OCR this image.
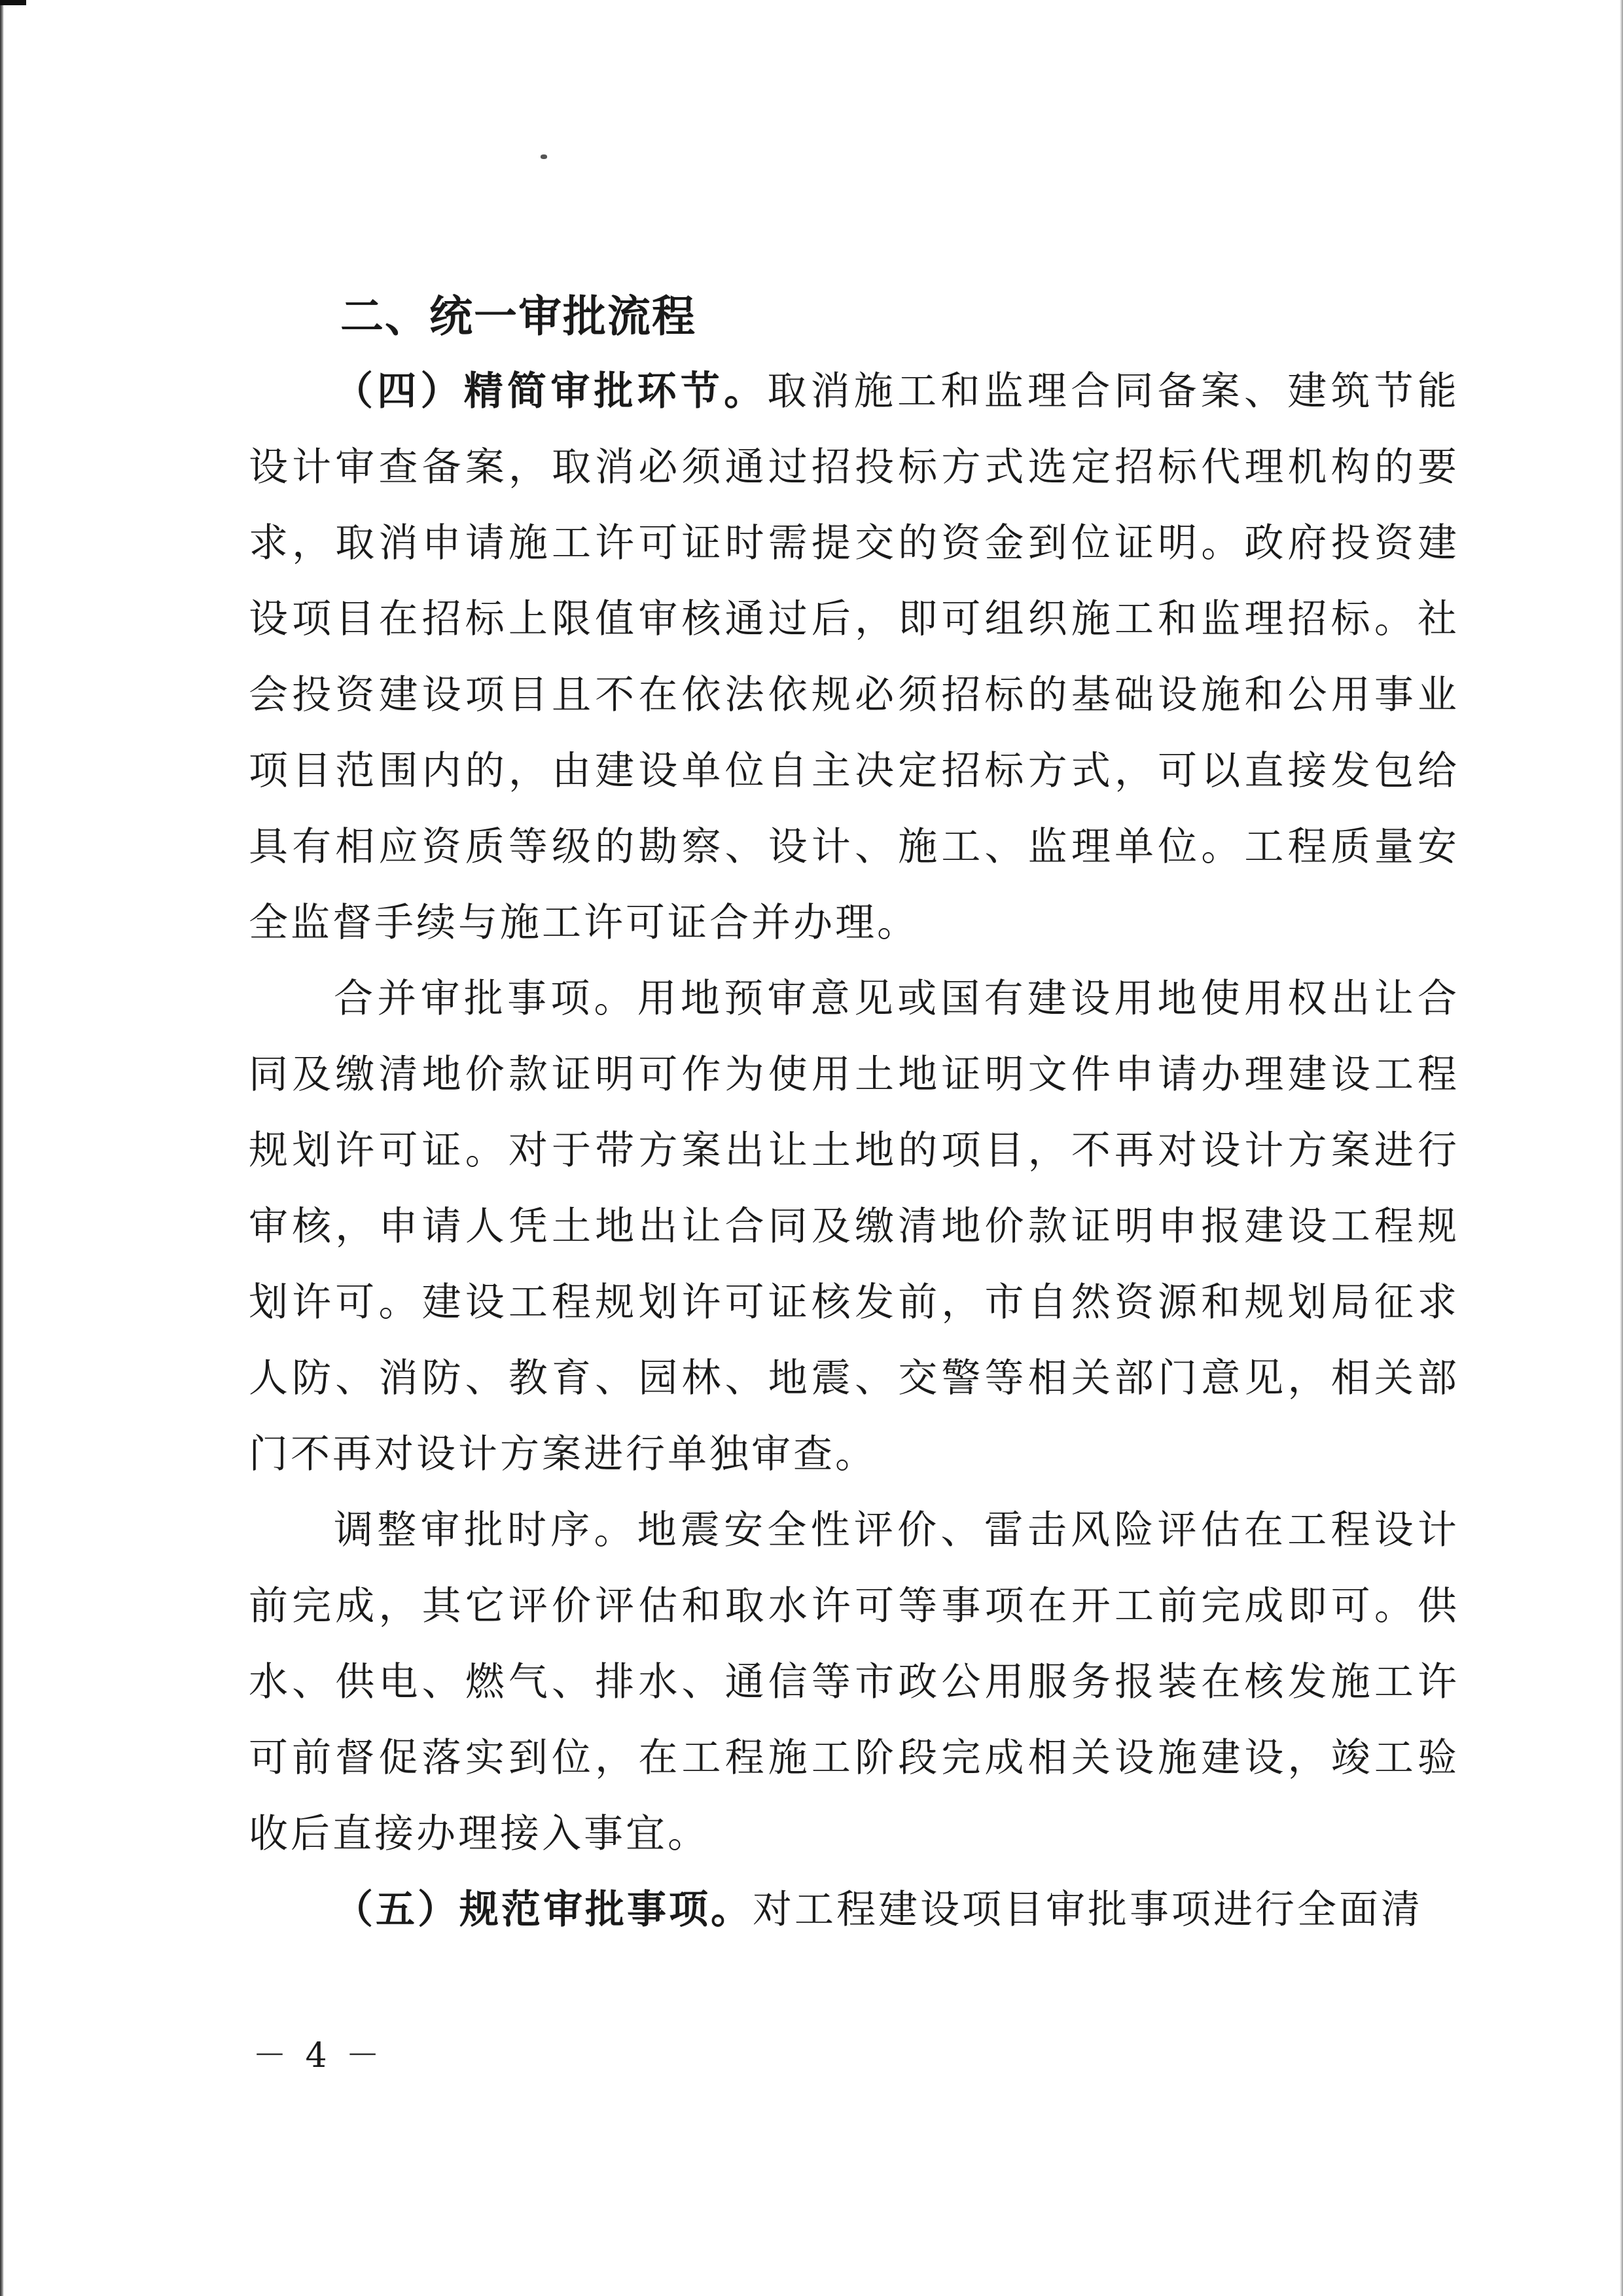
二、统一审批流程

（四）精简审批环节。取消施工和监理合同备案、建筑节能设计审查备案，取消必须通过招投标方式选定招标代理机构的要求，取消申请施工许可证时需提交的资金到位证明。政府投资建设项目在招标上限值审核通过后，即可组织施工和监理招标。社会投资建设项目且不在依法依规必须招标的基础设施和公用事业项目范围内的，由建设单位自主决定招标方式，可以直接发包给具有相应资质等级的勘察、设计、施工、监理单位。工程质量安全监督手续与施工许可证合并办理。

合并审批事项。用地预审意见或国有建设用地使用权出让合同及缴清地价款证明可作为使用土地证明文件申请办理建设工程规划许可证。对于带方案出让土地的项目，不再对设计方案进行审核，申请人凭土地出让合同及缴清地价款证明申报建设工程规划许可。建设工程规划许可证核发前，市自然资源和规划局征求人防、消防、教育、园林、地震、交警等相关部门意见，相关部门不再对设计方案进行单独审查。

调整审批时序。地震安全性评价、雷击风险评估在工程设计前完成，其它评价评估和取水许可等事项在开工前完成即可。供水、供电、燃气、排水、通信等市政公用服务报装在核发施工许可前督促落实到位，在工程施工阶段完成相关设施建设，竣工验收后直接办理接入事宜。

（五）规范审批事项。对工程建设项目审批事项进行全面清

－ 4 －
